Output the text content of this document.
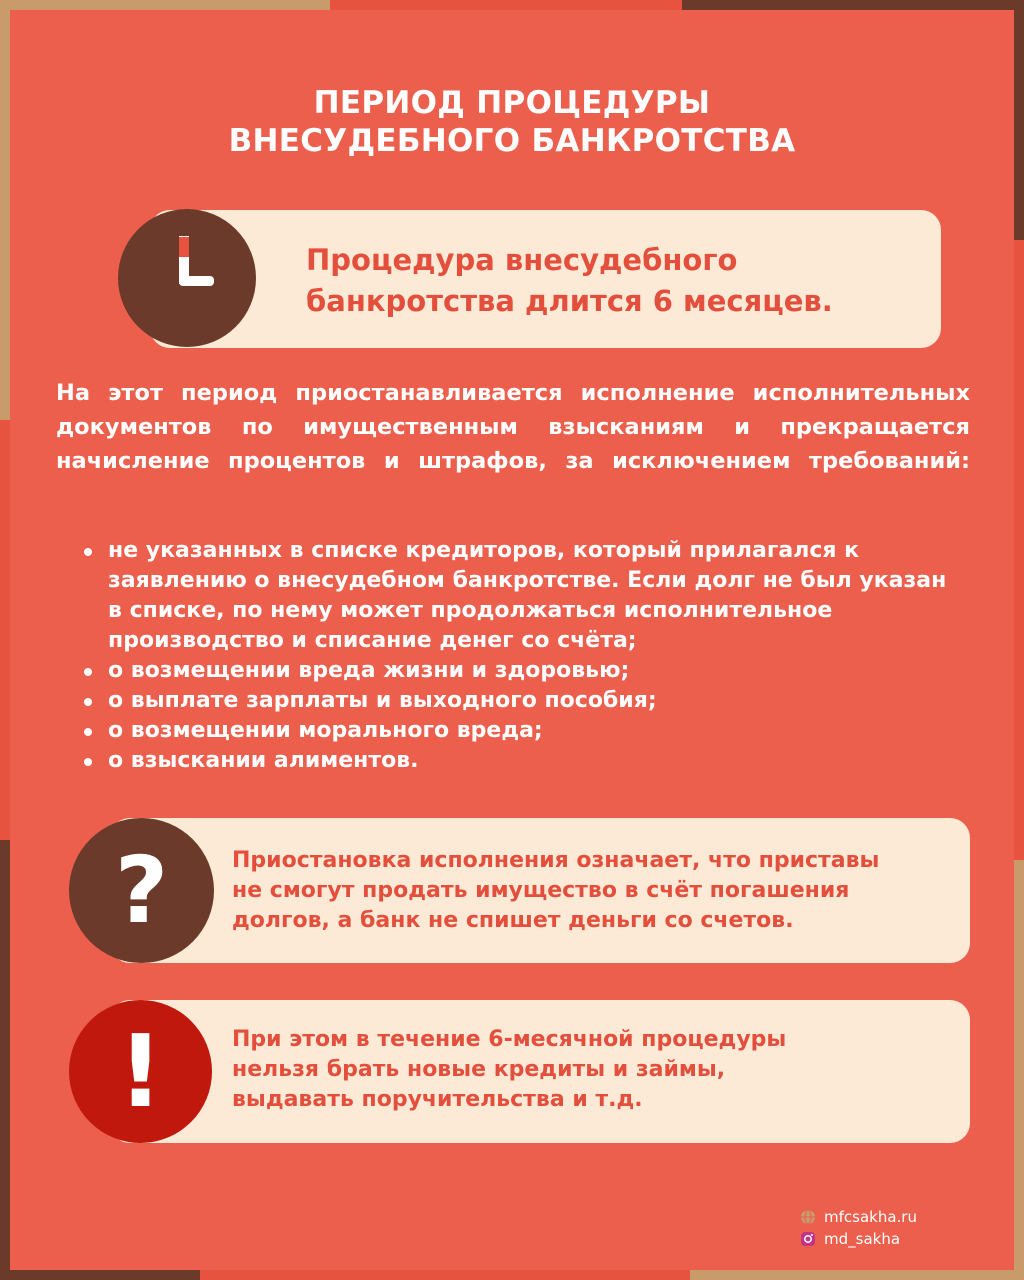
ПЕРИОД ПРОЦЕДУРЫ
ВНЕСУДЕБНОГО БАНКРОТСТВА
Процедура внесудебного
банкротства длится 6 месяцев.

На этот период приостанавливается исполнение исполнительных документов по имущественным взысканиям и прекращается начисление процентов и штрафов, за исключением требований:

не указанных в списке кредиторов, который прилагался к заявлению о внесудебном банкротстве. Если долг не был указан в списке, по нему может продолжаться исполнительное производство и списание денег со счёта;
о возмещении вреда жизни и здоровью;
о выплате зарплаты и выходного пособия;
о возмещении морального вреда;
о взыскании алиментов.
?	Приостановка исполнения означает, что приставы
не смогут продать имущество в счёт погашения
долгов, а банк не спишет деньги со счетов.
!	При этом в течение 6-месячной процедуры
нельзя брать новые кредиты и займы,
выдавать поручительства и т.д.
mfcsakha.ru
md_sakha
